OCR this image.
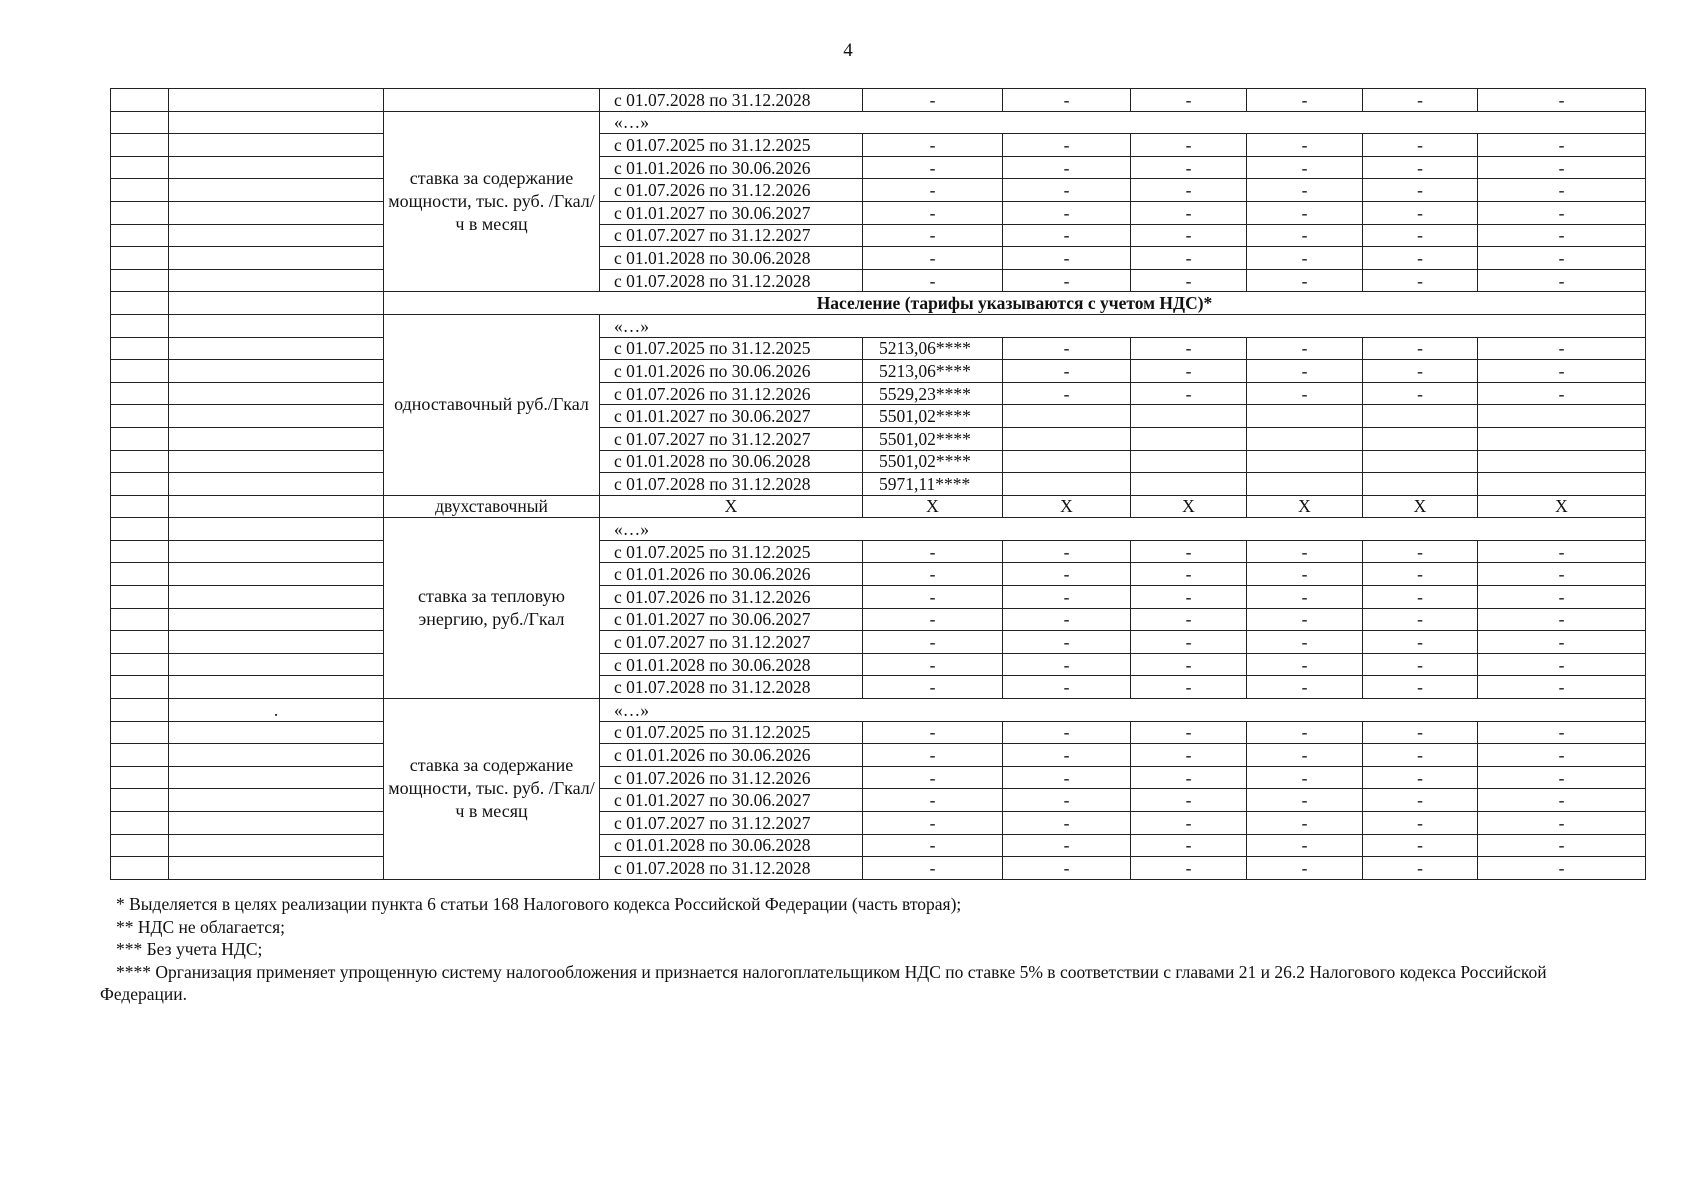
4
			с 01.07.2028 по 31.12.2028	-	-	-	-	-	-
		ставка за содержание мощности, тыс. руб. /Гкал/ч в месяц	«…»						
			с 01.07.2025 по 31.12.2025	-	-	-	-	-	-
			с 01.01.2026 по 30.06.2026	-	-	-	-	-	-
			с 01.07.2026 по 31.12.2026	-	-	-	-	-	-
			с 01.01.2027 по 30.06.2027	-	-	-	-	-	-
			с 01.07.2027 по 31.12.2027	-	-	-	-	-	-
			с 01.01.2028 по 30.06.2028	-	-	-	-	-	-
			с 01.07.2028 по 31.12.2028	-	-	-	-	-	-
		Население (тарифы указываются с учетом НДС)*							
		одноставочный руб./Гкал	«…»						
			с 01.07.2025 по 31.12.2025	5213,06****	-	-	-	-	-
			с 01.01.2026 по 30.06.2026	5213,06****	-	-	-	-	-
			с 01.07.2026 по 31.12.2026	5529,23****	-	-	-	-	-
			с 01.01.2027 по 30.06.2027	5501,02****					
			с 01.07.2027 по 31.12.2027	5501,02****					
			с 01.01.2028 по 30.06.2028	5501,02****					
			с 01.07.2028 по 31.12.2028	5971,11****					
		двухставочный	X	X	X	X	X	X	X
		ставка за тепловую энергию, руб./Гкал	«…»						
			с 01.07.2025 по 31.12.2025	-	-	-	-	-	-
			с 01.01.2026 по 30.06.2026	-	-	-	-	-	-
			с 01.07.2026 по 31.12.2026	-	-	-	-	-	-
			с 01.01.2027 по 30.06.2027	-	-	-	-	-	-
			с 01.07.2027 по 31.12.2027	-	-	-	-	-	-
			с 01.01.2028 по 30.06.2028	-	-	-	-	-	-
			с 01.07.2028 по 31.12.2028	-	-	-	-	-	-
	.	ставка за содержание мощности, тыс. руб. /Гкал/ч в месяц	«…»						
			с 01.07.2025 по 31.12.2025	-	-	-	-	-	-
			с 01.01.2026 по 30.06.2026	-	-	-	-	-	-
			с 01.07.2026 по 31.12.2026	-	-	-	-	-	-
			с 01.01.2027 по 30.06.2027	-	-	-	-	-	-
			с 01.07.2027 по 31.12.2027	-	-	-	-	-	-
			с 01.01.2028 по 30.06.2028	-	-	-	-	-	-
			с 01.07.2028 по 31.12.2028	-	-	-	-	-	-
* Выделяется в целях реализации пункта 6 статьи 168 Налогового кодекса Российской Федерации (часть вторая);
** НДС не облагается;
*** Без учета НДС;
**** Организация применяет упрощенную систему налогообложения и признается налогоплательщиком НДС по ставке 5% в соответствии с главами 21 и 26.2 Налогового кодекса Российской Федерации.
